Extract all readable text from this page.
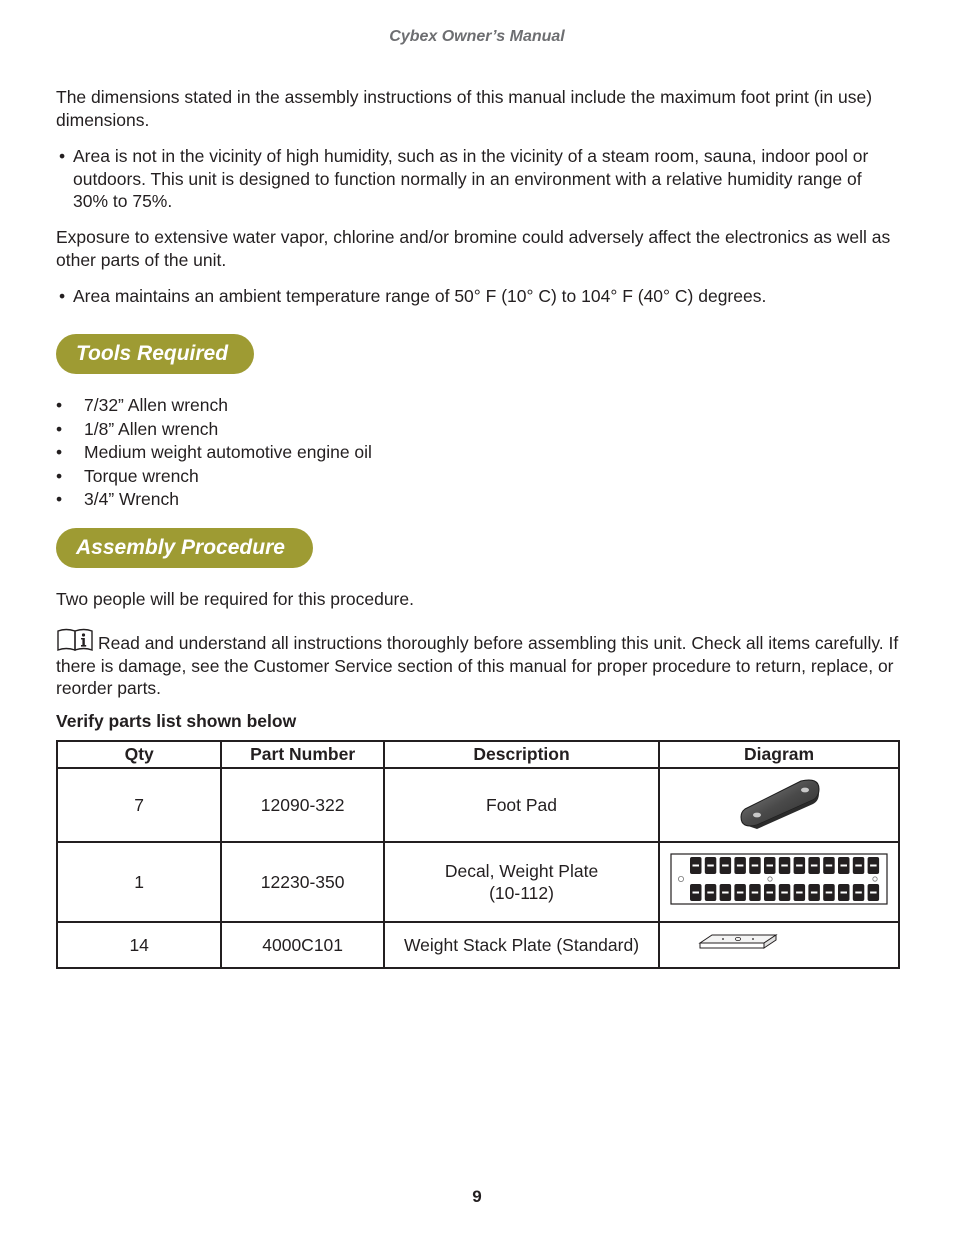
Cybex Owner’s Manual

The dimensions stated in the assembly instructions of this manual include the maximum foot print (in use) dimensions.

• Area is not in the vicinity of high humidity, such as in the vicinity of a steam room, sauna, indoor pool or outdoors. This unit is designed to function normally in an environment with a relative humidity range of 30% to 75%.

Exposure to extensive water vapor, chlorine and/or bromine could adversely affect the electronics as well as other parts of the unit.

• Area maintains an ambient temperature range of 50° F (10° C) to 104° F (40° C) degrees.
Tools Required
• 7/32” Allen wrench
• 1/8” Allen wrench
• Medium weight automotive engine oil
• Torque wrench
• 3/4” Wrench
Assembly Procedure

Two people will be required for this procedure.

Read and understand all instructions thoroughly before assembling this unit. Check all items carefully. If there is damage, see the Customer Service section of this manual for proper procedure to return, replace, or reorder parts.

Verify parts list shown below
Qty	Part Number	Description	Diagram
7	12090-322	Foot Pad	
1	12230-350	Decal, Weight Plate
(10-112)	
14	4000C101	Weight Stack Plate (Standard)	
9
